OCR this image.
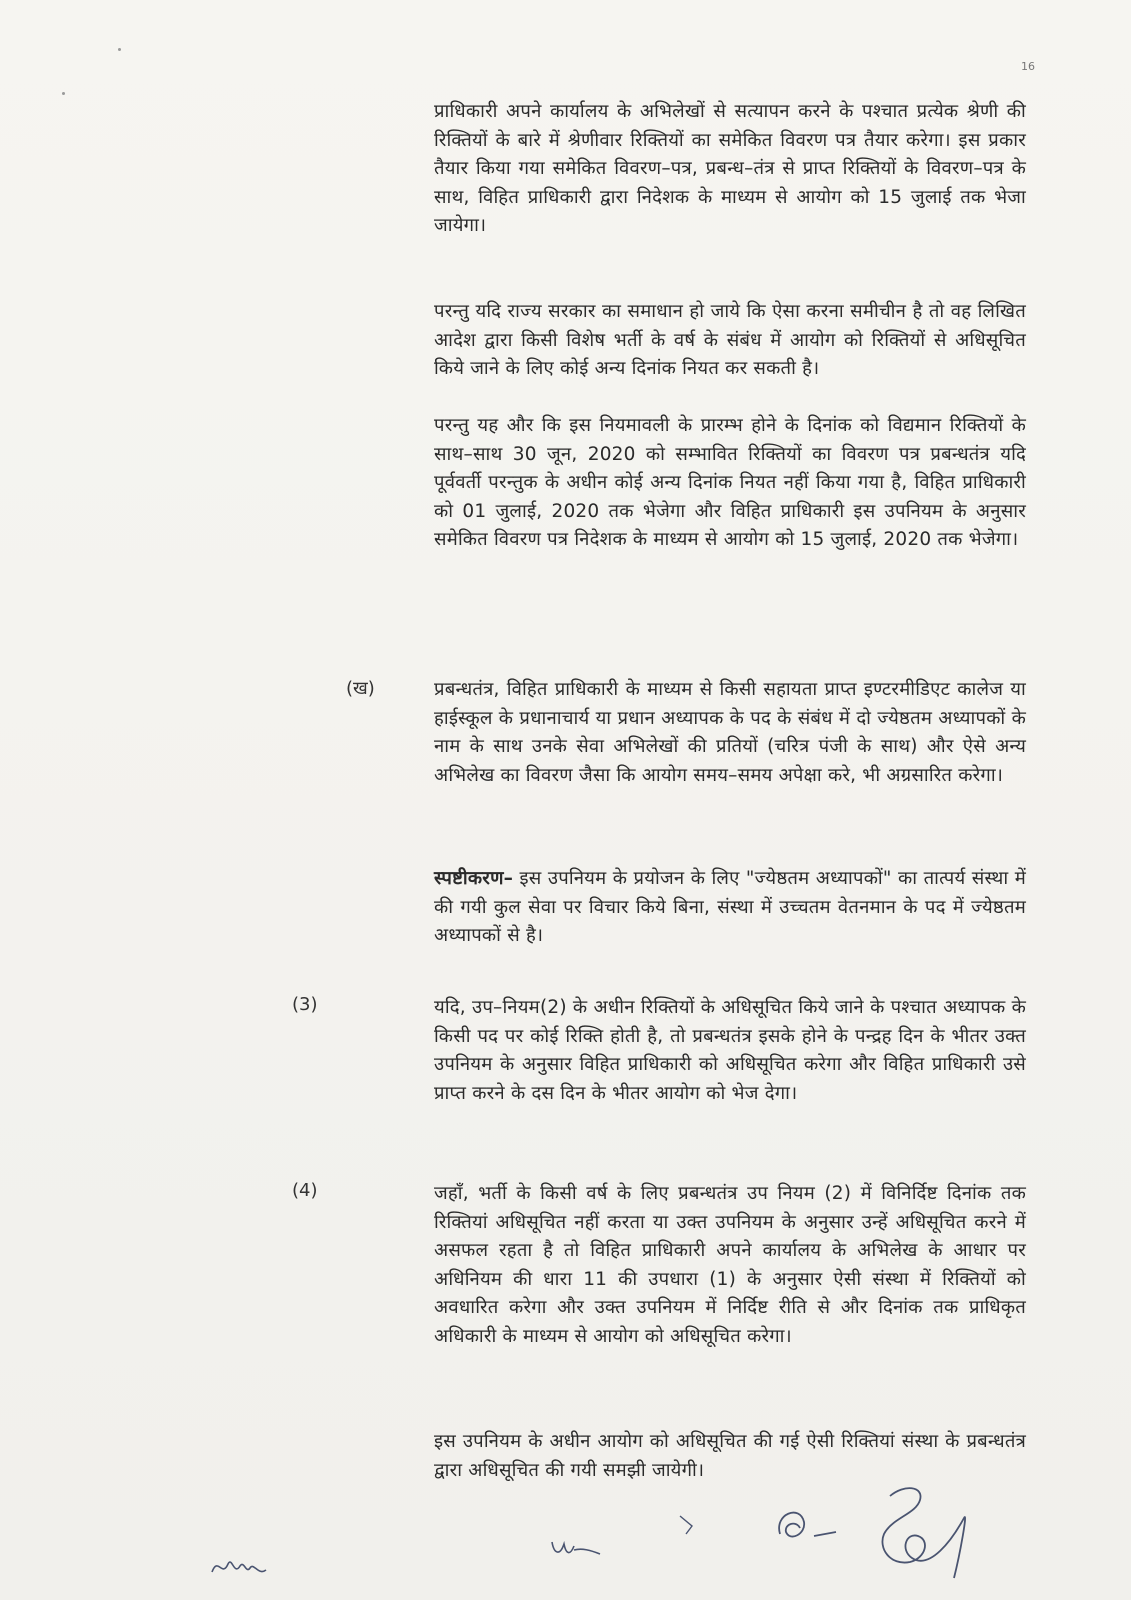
16

प्राधिकारी अपने कार्यालय के अभिलेखों से सत्यापन करने के पश्चात प्रत्येक श्रेणी की रिक्तियों के बारे में श्रेणीवार रिक्तियों का समेकित विवरण पत्र तैयार करेगा। इस प्रकार तैयार किया गया समेकित विवरण–पत्र, प्रबन्ध–तंत्र से प्राप्त रिक्तियों के विवरण–पत्र के साथ, विहित प्राधिकारी द्वारा निदेशक के माध्यम से आयोग को 15 जुलाई तक भेजा जायेगा।

परन्तु यदि राज्य सरकार का समाधान हो जाये कि ऐसा करना समीचीन है तो वह लिखित आदेश द्वारा किसी विशेष भर्ती के वर्ष के संबंध में आयोग को रिक्तियों से अधिसूचित किये जाने के लिए कोई अन्य दिनांक नियत कर सकती है।

परन्तु यह और कि इस नियमावली के प्रारम्भ होने के दिनांक को विद्यमान रिक्तियों के साथ–साथ 30 जून, 2020 को सम्भावित रिक्तियों का विवरण पत्र प्रबन्धतंत्र यदि पूर्ववर्ती परन्तुक के अधीन कोई अन्य दिनांक नियत नहीं किया गया है, विहित प्राधिकारी को 01 जुलाई, 2020 तक भेजेगा और विहित प्राधिकारी इस उपनियम के अनुसार समेकित विवरण पत्र निदेशक के माध्यम से आयोग को 15 जुलाई, 2020 तक भेजेगा।

(ख)	प्रबन्धतंत्र, विहित प्राधिकारी के माध्यम से किसी सहायता प्राप्त इण्टरमीडिएट कालेज या हाईस्कूल के प्रधानाचार्य या प्रधान अध्यापक के पद के संबंध में दो ज्येष्ठतम अध्यापकों के नाम के साथ उनके सेवा अभिलेखों की प्रतियों (चरित्र पंजी के साथ) और ऐसे अन्य अभिलेख का विवरण जैसा कि आयोग समय–समय अपेक्षा करे, भी अग्रसारित करेगा।

स्पष्टीकरण– इस उपनियम के प्रयोजन के लिए "ज्येष्ठतम अध्यापकों" का तात्पर्य संस्था में की गयी कुल सेवा पर विचार किये बिना, संस्था में उच्चतम वेतनमान के पद में ज्येष्ठतम अध्यापकों से है।

(3)	यदि, उप–नियम(2) के अधीन रिक्तियों के अधिसूचित किये जाने के पश्चात अध्यापक के किसी पद पर कोई रिक्ति होती है, तो प्रबन्धतंत्र इसके होने के पन्द्रह दिन के भीतर उक्त उपनियम के अनुसार विहित प्राधिकारी को अधिसूचित करेगा और विहित प्राधिकारी उसे प्राप्त करने के दस दिन के भीतर आयोग को भेज देगा।

(4)	जहाँ, भर्ती के किसी वर्ष के लिए प्रबन्धतंत्र उप नियम (2) में विनिर्दिष्ट दिनांक तक रिक्तियां अधिसूचित नहीं करता या उक्त उपनियम के अनुसार उन्हें अधिसूचित करने में असफल रहता है तो विहित प्राधिकारी अपने कार्यालय के अभिलेख के आधार पर अधिनियम की धारा 11 की उपधारा (1) के अनुसार ऐसी संस्था में रिक्तियों को अवधारित करेगा और उक्त उपनियम में निर्दिष्ट रीति से और दिनांक तक प्राधिकृत अधिकारी के माध्यम से आयोग को अधिसूचित करेगा।

इस उपनियम के अधीन आयोग को अधिसूचित की गई ऐसी रिक्तियां संस्था के प्रबन्धतंत्र द्वारा अधिसूचित की गयी समझी जायेगी।
